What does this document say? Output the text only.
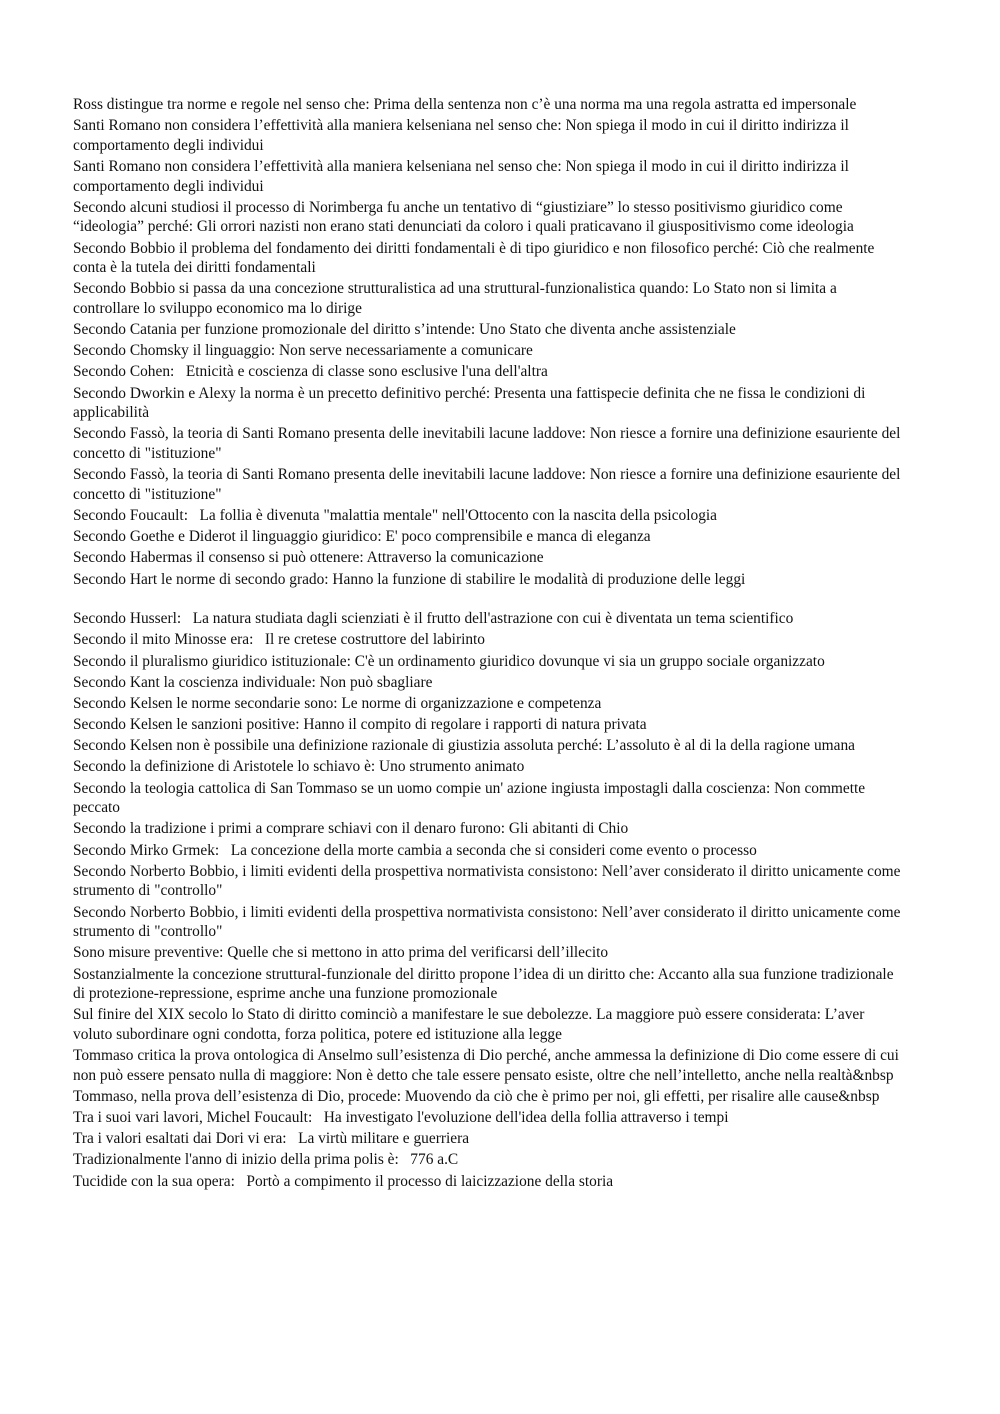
Ross distingue tra norme e regole nel senso che: Prima della sentenza non c’è una norma ma una regola astratta ed impersonale

Santi Romano non considera l’effettività alla maniera kelseniana nel senso che: Non spiega il modo in cui il diritto indirizza il comportamento degli individui

Santi Romano non considera l’effettività alla maniera kelseniana nel senso che: Non spiega il modo in cui il diritto indirizza il comportamento degli individui

Secondo alcuni studiosi il processo di Norimberga fu anche un tentativo di “giustiziare” lo stesso positivismo giuridico come “ideologia” perché: Gli orrori nazisti non erano stati denunciati da coloro i quali praticavano il giuspositivismo come ideologia

Secondo Bobbio il problema del fondamento dei diritti fondamentali è di tipo giuridico e non filosofico perché: Ciò che realmente conta è la tutela dei diritti fondamentali

Secondo Bobbio si passa da una concezione strutturalistica ad una struttural-funzionalistica quando: Lo Stato non si limita a controllare lo sviluppo economico ma lo dirige

Secondo Catania per funzione promozionale del diritto s’intende: Uno Stato che diventa anche assistenziale

Secondo Chomsky il linguaggio: Non serve necessariamente a comunicare

Secondo Cohen:   Etnicità e coscienza di classe sono esclusive l'una dell'altra

Secondo Dworkin e Alexy la norma è un precetto definitivo perché: Presenta una fattispecie definita che ne fissa le condizioni di applicabilità

Secondo Fassò, la teoria di Santi Romano presenta delle inevitabili lacune laddove: Non riesce a fornire una definizione esauriente del concetto di "istituzione"

Secondo Fassò, la teoria di Santi Romano presenta delle inevitabili lacune laddove: Non riesce a fornire una definizione esauriente del concetto di "istituzione"

Secondo Foucault:   La follia è divenuta "malattia mentale" nell'Ottocento con la nascita della psicologia

Secondo Goethe e Diderot il linguaggio giuridico: E' poco comprensibile e manca di eleganza

Secondo Habermas il consenso si può ottenere: Attraverso la comunicazione

Secondo Hart le norme di secondo grado: Hanno la funzione di stabilire le modalità di produzione delle leggi

Secondo Husserl:   La natura studiata dagli scienziati è il frutto dell'astrazione con cui è diventata un tema scientifico

Secondo il mito Minosse era:   Il re cretese costruttore del labirinto

Secondo il pluralismo giuridico istituzionale: C'è un ordinamento giuridico dovunque vi sia un gruppo sociale organizzato

Secondo Kant la coscienza individuale: Non può sbagliare

Secondo Kelsen le norme secondarie sono: Le norme di organizzazione e competenza

Secondo Kelsen le sanzioni positive: Hanno il compito di regolare i rapporti di natura privata

Secondo Kelsen non è possibile una definizione razionale di giustizia assoluta perché: L’assoluto è al di la della ragione umana

Secondo la definizione di Aristotele lo schiavo è: Uno strumento animato

Secondo la teologia cattolica di San Tommaso se un uomo compie un' azione ingiusta impostagli dalla coscienza: Non commette peccato

Secondo la tradizione i primi a comprare schiavi con il denaro furono: Gli abitanti di Chio

Secondo Mirko Grmek:   La concezione della morte cambia a seconda che si consideri come evento o processo

Secondo Norberto Bobbio, i limiti evidenti della prospettiva normativista consistono: Nell’aver considerato il diritto unicamente come strumento di "controllo"

Secondo Norberto Bobbio, i limiti evidenti della prospettiva normativista consistono: Nell’aver considerato il diritto unicamente come strumento di "controllo"

Sono misure preventive: Quelle che si mettono in atto prima del verificarsi dell’illecito

Sostanzialmente la concezione struttural-funzionale del diritto propone l’idea di un diritto che: Accanto alla sua funzione tradizionale di protezione-repressione, esprime anche una funzione promozionale

Sul finire del XIX secolo lo Stato di diritto cominciò a manifestare le sue debolezze. La maggiore può essere considerata: L’aver voluto subordinare ogni condotta, forza politica, potere ed istituzione alla legge

Tommaso critica la prova ontologica di Anselmo sull’esistenza di Dio perché, anche ammessa la definizione di Dio come essere di cui non può essere pensato nulla di maggiore: Non è detto che tale essere pensato esiste, oltre che nell’intelletto, anche nella realtà&nbsp

Tommaso, nella prova dell’esistenza di Dio, procede: Muovendo da ciò che è primo per noi, gli effetti, per risalire alle cause&nbsp

Tra i suoi vari lavori, Michel Foucault:   Ha investigato l'evoluzione dell'idea della follia attraverso i tempi

Tra i valori esaltati dai Dori vi era:   La virtù militare e guerriera

Tradizionalmente l'anno di inizio della prima polis è:   776 a.C

Tucidide con la sua opera:   Portò a compimento il processo di laicizzazione della storia
